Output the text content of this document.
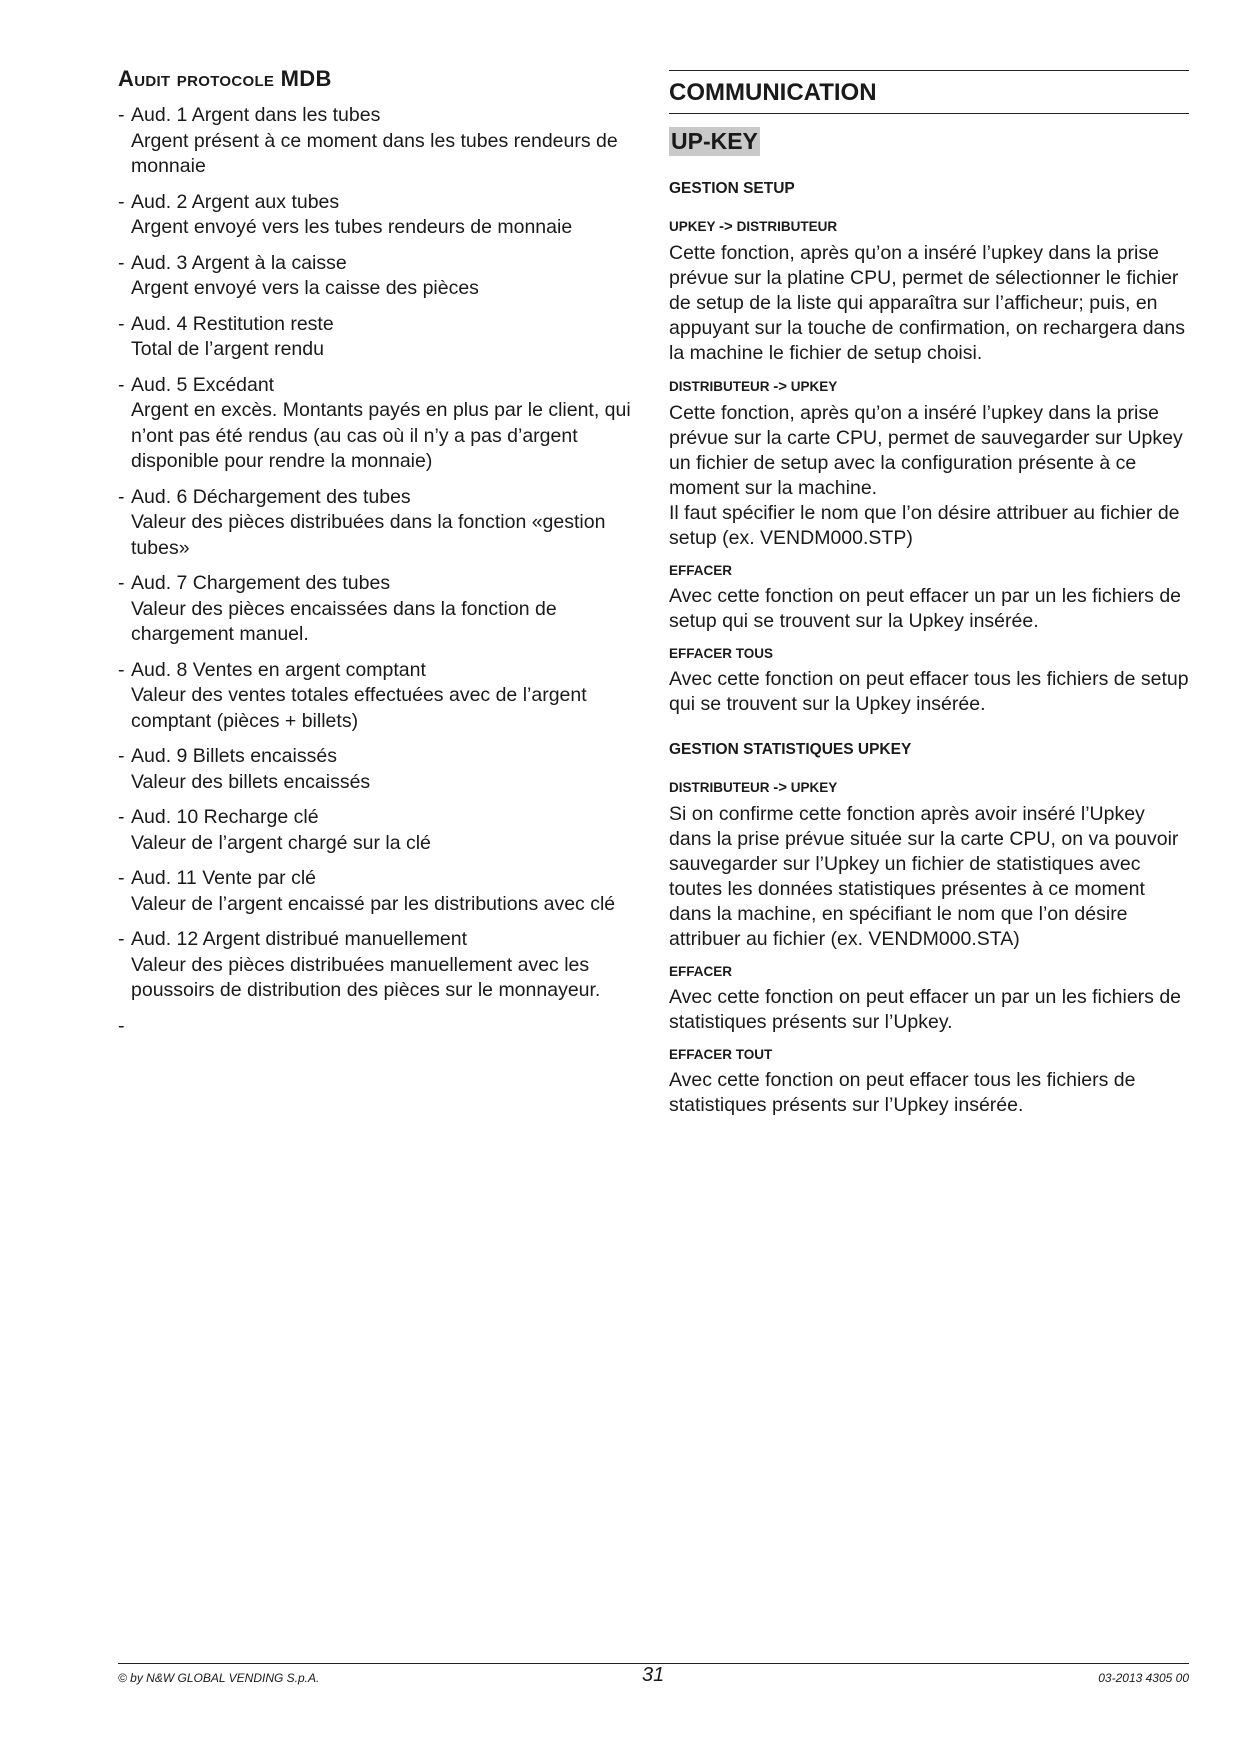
Audit protocole MDB
- Aud. 1 Argent dans les tubes
Argent présent à ce moment dans les tubes rendeurs de monnaie
- Aud. 2 Argent aux tubes
Argent envoyé vers les tubes rendeurs de monnaie
- Aud. 3 Argent à la caisse
Argent envoyé vers la caisse des pièces
- Aud. 4 Restitution reste
Total de l’argent rendu
- Aud. 5 Excédant
Argent en excès. Montants payés en plus par le client, qui n’ont pas été rendus (au cas où il n’y a pas d’argent disponible pour rendre la monnaie)
- Aud. 6 Déchargement des tubes
Valeur des pièces distribuées dans la fonction «gestion tubes»
- Aud. 7 Chargement des tubes
Valeur des pièces encaissées dans la fonction de chargement manuel.
- Aud. 8 Ventes en argent comptant
Valeur des ventes totales effectuées avec de l’argent comptant (pièces + billets)
- Aud. 9 Billets encaissés
Valeur des billets encaissés
- Aud. 10 Recharge clé
Valeur de l’argent chargé sur la clé
- Aud. 11 Vente par clé
Valeur de l’argent encaissé par les distributions avec clé
- Aud. 12 Argent distribué manuellement
Valeur des pièces distribuées manuellement avec les poussoirs de distribution des pièces sur le monnayeur.
-
COMMUNICATION
UP-KEY
GESTION SETUP
UPKEY -> DISTRIBUTEUR

Cette fonction, après qu’on a inséré l’upkey dans la prise prévue sur la platine CPU, permet de sélectionner le fichier de setup de la liste qui apparaîtra sur l’afficheur; puis, en appuyant sur la touche de confirmation, on rechargera dans la machine le fichier de setup choisi.

DISTRIBUTEUR -> UPKEY

Cette fonction, après qu’on a inséré l’upkey dans la prise prévue sur la carte CPU, permet de sauvegarder sur Upkey un fichier de setup avec la configuration présente à ce moment sur la machine.

Il faut spécifier le nom que l’on désire attribuer au fichier de setup (ex. VENDM000.STP)

EFFACER

Avec cette fonction on peut effacer un par un les fichiers de setup qui se trouvent sur la Upkey insérée.

EFFACER TOUS

Avec cette fonction on peut effacer tous les fichiers de setup qui se trouvent sur la Upkey insérée.

GESTION STATISTIQUES UPKEY
DISTRIBUTEUR -> UPKEY

Si on confirme cette fonction après avoir inséré l’Upkey dans la prise prévue située sur la carte CPU, on va pouvoir sauvegarder sur l’Upkey un fichier de statistiques avec toutes les données statistiques présentes à ce moment dans la machine, en spécifiant le nom que l’on désire attribuer au fichier (ex. VENDM000.STA)

EFFACER

Avec cette fonction on peut effacer un par un les fichiers de statistiques présents sur l’Upkey.

EFFACER TOUT

Avec cette fonction on peut effacer tous les fichiers de statistiques présents sur l’Upkey insérée.

© by N&W GLOBAL VENDING S.p.A.	31	03-2013 4305 00
